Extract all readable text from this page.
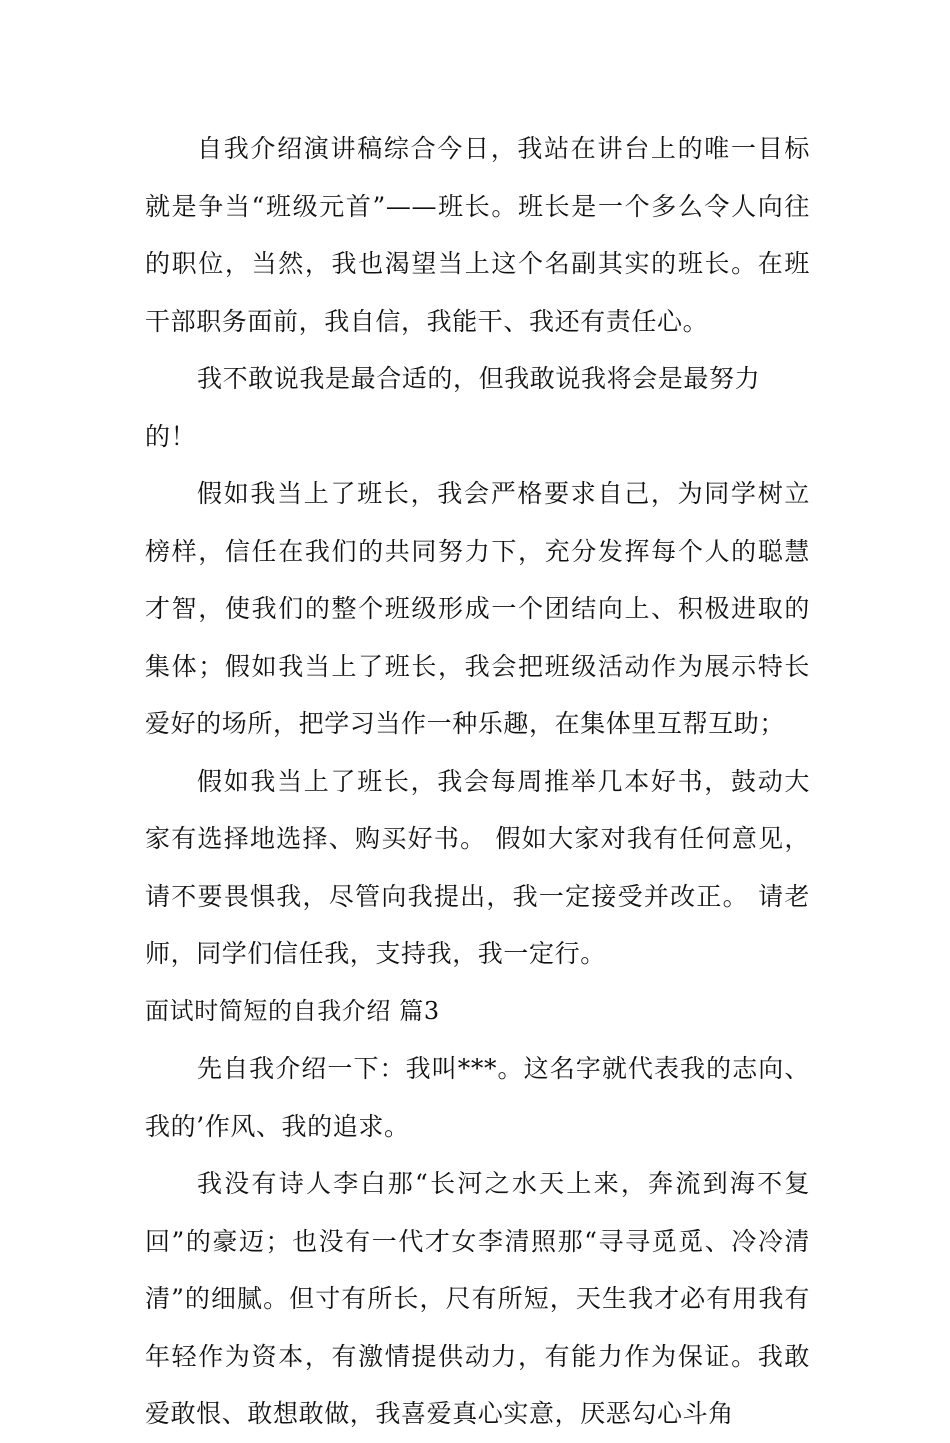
自我介绍演讲稿综合今日，我站在讲台上的唯一目标就是争当“班级元首”——班长。班长是一个多么令人向往的职位，当然，我也渴望当上这个名副其实的班长。在班干部职务面前，我自信，我能干、我还有责任心。

我不敢说我是最合适的，但我敢说我将会是最努力的！

假如我当上了班长，我会严格要求自己，为同学树立榜样，信任在我们的共同努力下，充分发挥每个人的聪慧才智，使我们的整个班级形成一个团结向上、积极进取的集体；假如我当上了班长，我会把班级活动作为展示特长爱好的场所，把学习当作一种乐趣，在集体里互帮互助；

假如我当上了班长，我会每周推举几本好书，鼓动大家有选择地选择、购买好书。 假如大家对我有任何意见，请不要畏惧我，尽管向我提出，我一定接受并改正。 请老师，同学们信任我，支持我，我一定行。

面试时简短的自我介绍 篇3

先自我介绍一下：我叫***。这名字就代表我的志向、我的’作风、我的追求。

我没有诗人李白那“长河之水天上来，奔流到海不复回”的豪迈；也没有一代才女李清照那“寻寻觅觅、冷冷清清”的细腻。但寸有所长，尺有所短，天生我才必有用我有年轻作为资本，有激情提供动力，有能力作为保证。我敢爱敢恨、敢想敢做，我喜爱真心实意，厌恶勾心斗角
